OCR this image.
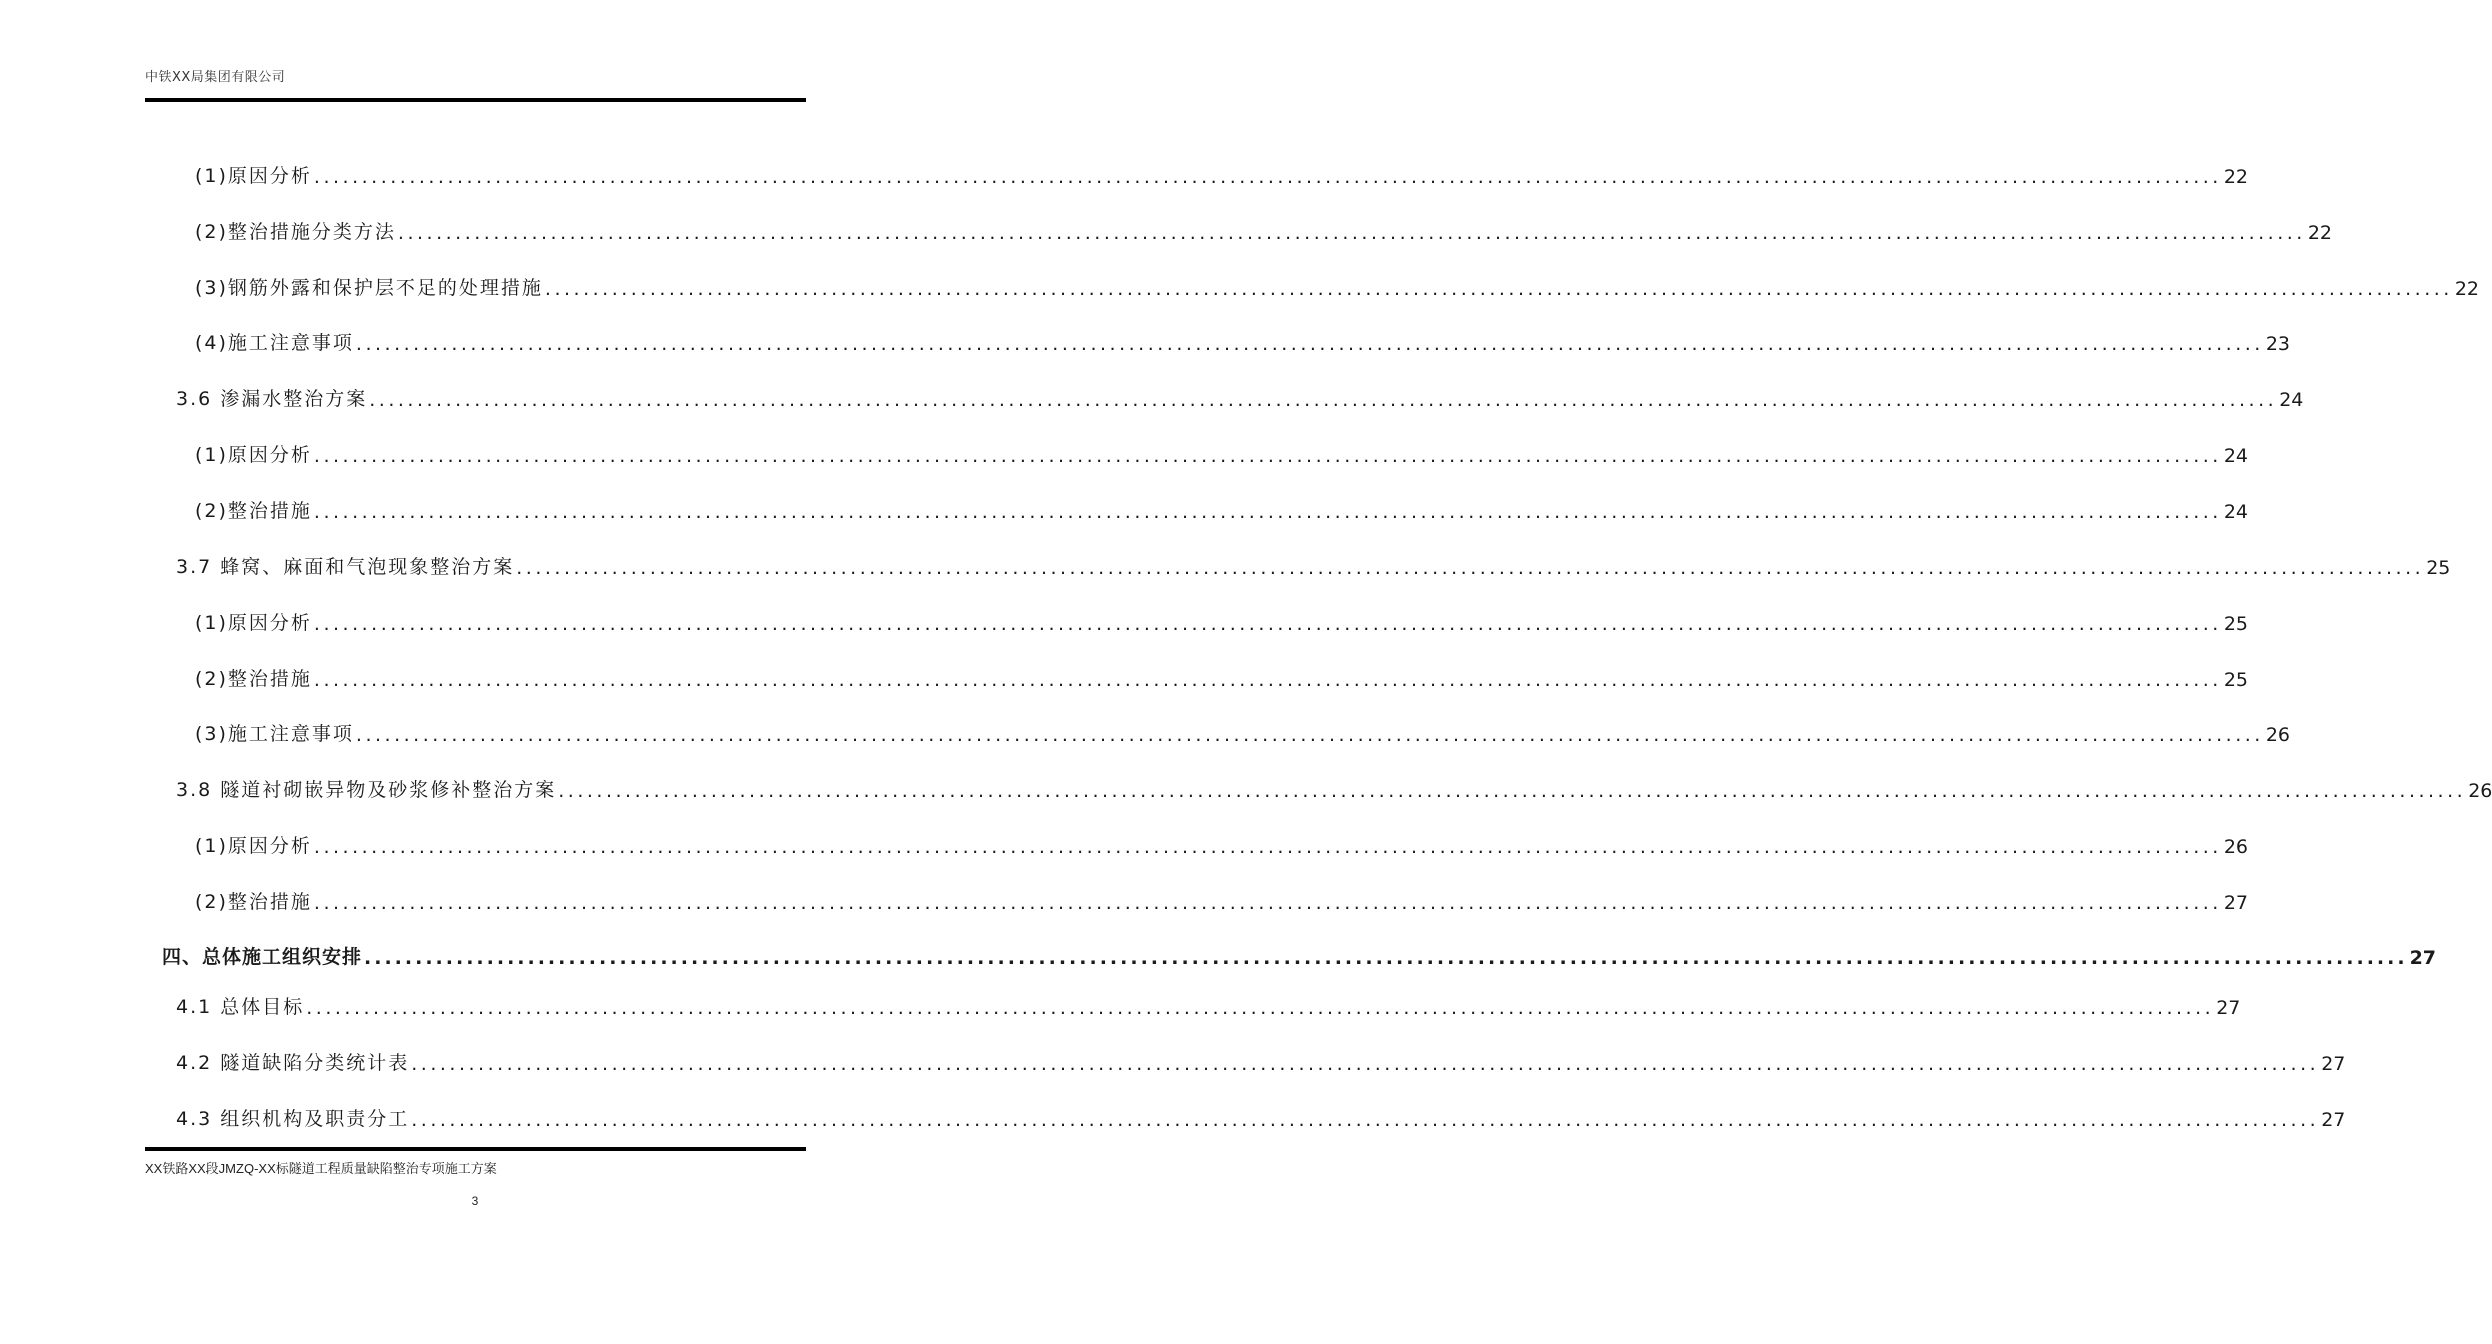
中铁XX局集团有限公司
(1)原因分析 ........................................................................................................................................................................................................ 22
(2)整治措施分类方法 ........................................................................................................................................................................................................ 22
(3)钢筋外露和保护层不足的处理措施 ........................................................................................................................................................................................................ 22
(4)施工注意事项 ........................................................................................................................................................................................................ 23
3.6 渗漏水整治方案 ........................................................................................................................................................................................................ 24
(1)原因分析 ........................................................................................................................................................................................................ 24
(2)整治措施 ........................................................................................................................................................................................................ 24
3.7 蜂窝、麻面和气泡现象整治方案 ........................................................................................................................................................................................................ 25
(1)原因分析 ........................................................................................................................................................................................................ 25
(2)整治措施 ........................................................................................................................................................................................................ 25
(3)施工注意事项 ........................................................................................................................................................................................................ 26
3.8 隧道衬砌嵌异物及砂浆修补整治方案 ........................................................................................................................................................................................................ 26
(1)原因分析 ........................................................................................................................................................................................................ 26
(2)整治措施 ........................................................................................................................................................................................................ 27
四、总体施工组织安排 ........................................................................................................................................................................................................ 27
4.1 总体目标 ........................................................................................................................................................................................................ 27
4.2 隧道缺陷分类统计表 ........................................................................................................................................................................................................ 27
4.3 组织机构及职责分工 ........................................................................................................................................................................................................ 27
XX铁路XX段JMZQ-XX标隧道工程质量缺陷整治专项施工方案
3
